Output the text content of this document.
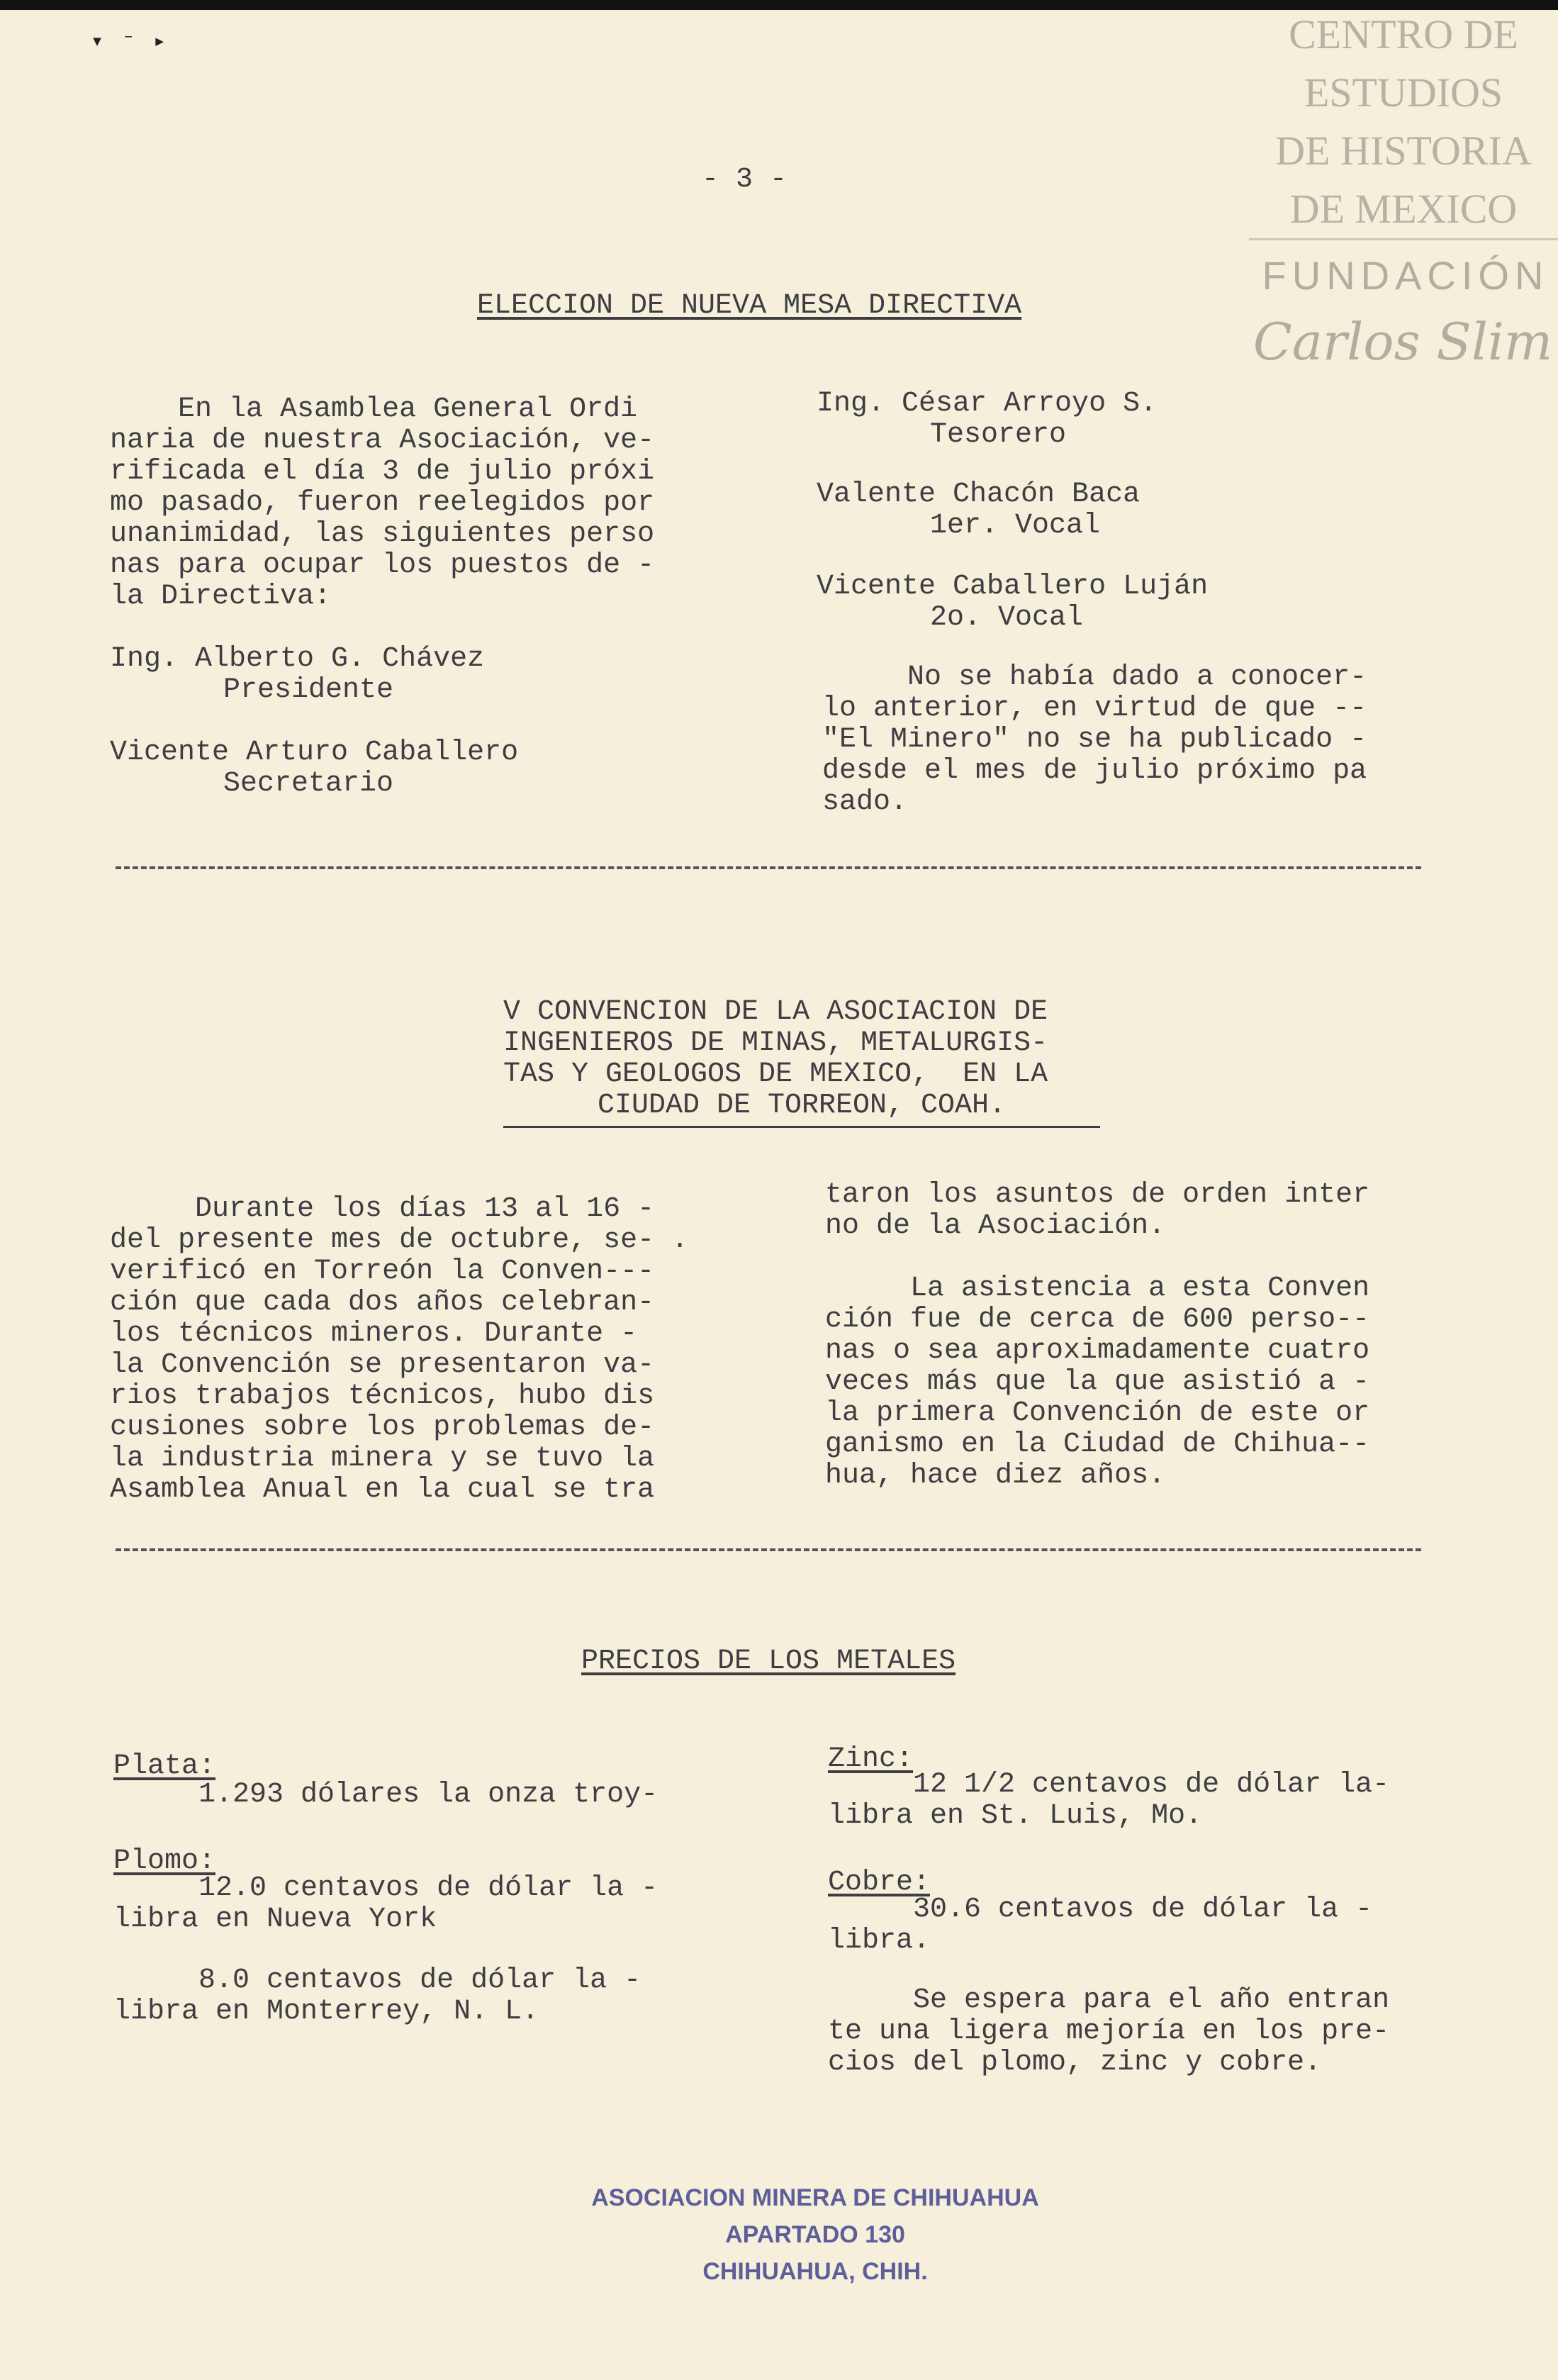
▾ ⁻ ▸	CENTRO DE
ESTUDIOS
DE HISTORIA
DE MEXICO
FUNDACIÓN
Carlos Slim
- 3 -
ELECCION DE NUEVA MESA DIRECTIVA
En la Asamblea General Ordi
naria de nuestra Asociación, ve-
rificada el día 3 de julio próxi
mo pasado, fueron reelegidos por
unanimidad, las siguientes perso
nas para ocupar los puestos de -
la Directiva:
Ing. Alberto G. Chávez
Presidente
Vicente Arturo Caballero
Secretario
Ing. César Arroyo S.
Tesorero
Valente Chacón Baca
1er. Vocal
Vicente Caballero Luján
2o. Vocal
No se había dado a conocer-
lo anterior, en virtud de que --
"El Minero" no se ha publicado -
desde el mes de julio próximo pa
sado.
V CONVENCION DE LA ASOCIACION DE
INGENIEROS DE MINAS, METALURGIS-
TAS Y GEOLOGOS DE MEXICO,  EN LA
CIUDAD DE TORREON, COAH.
Durante los días 13 al 16 -
del presente mes de octubre, se- .
verificó en Torreón la Conven---
ción que cada dos años celebran-
los técnicos mineros. Durante -
la Convención se presentaron va-
rios trabajos técnicos, hubo dis
cusiones sobre los problemas de-
la industria minera y se tuvo la
Asamblea Anual en la cual se tra
taron los asuntos de orden inter
no de la Asociación.
La asistencia a esta Conven
ción fue de cerca de 600 perso--
nas o sea aproximadamente cuatro
veces más que la que asistió a -
la primera Convención de este or
ganismo en la Ciudad de Chihua--
hua, hace diez años.
PRECIOS DE LOS METALES
Plata:
1.293 dólares la onza troy-
Plomo:
12.0 centavos de dólar la -
libra en Nueva York
8.0 centavos de dólar la -
libra en Monterrey, N. L.
Zinc:
12 1/2 centavos de dólar la-
libra en St. Luis, Mo.
Cobre:
30.6 centavos de dólar la -
libra.
Se espera para el año entran
te una ligera mejoría en los pre-
cios del plomo, zinc y cobre.
ASOCIACION MINERA DE CHIHUAHUA
APARTADO 130
CHIHUAHUA, CHIH.
